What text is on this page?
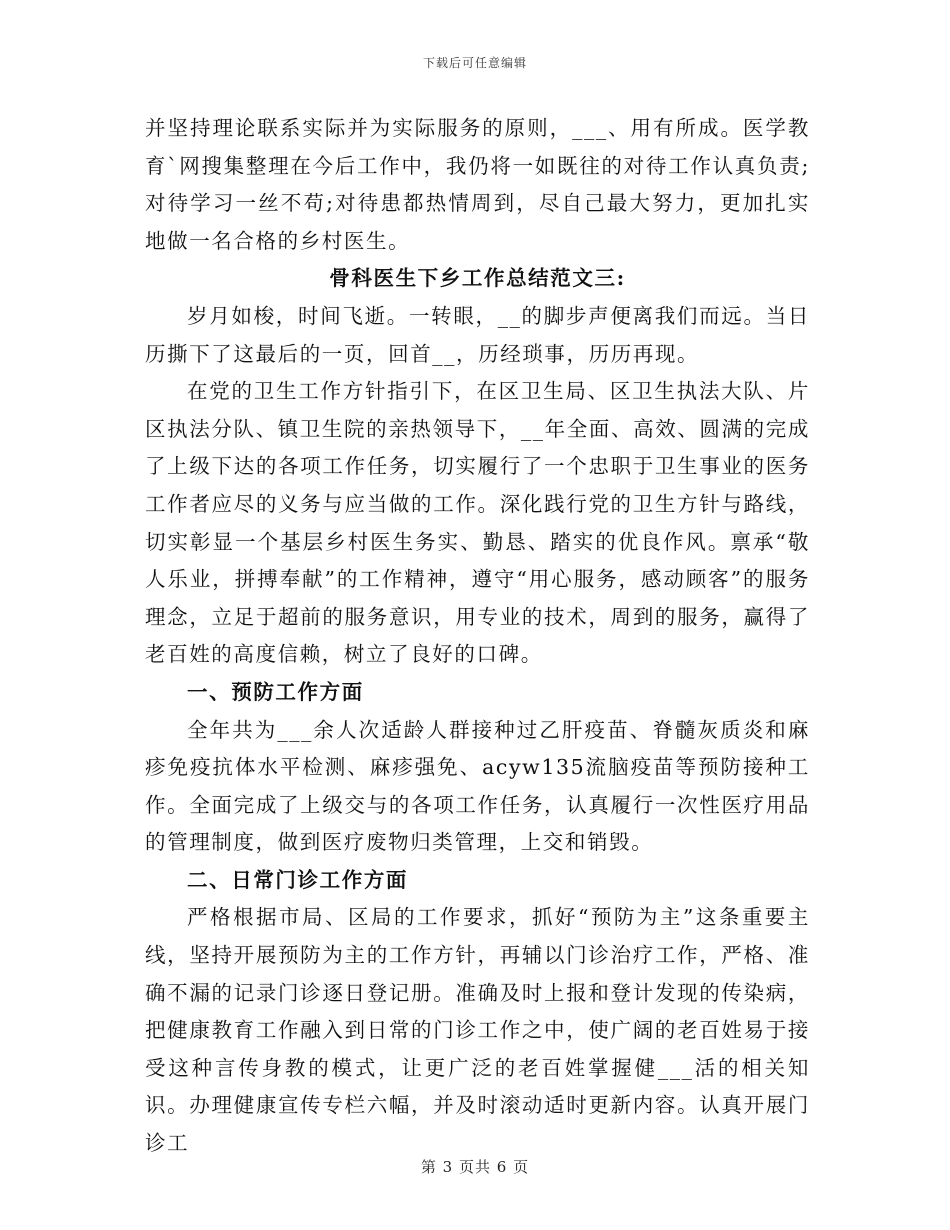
下载后可任意编辑

并坚持理论联系实际并为实际服务的原则，___、用有所成。医学教育`网搜集整理在今后工作中，我仍将一如既往的对待工作认真负责;对待学习一丝不苟;对待患都热情周到，尽自己最大努力，更加扎实地做一名合格的乡村医生。

骨科医生下乡工作总结范文三:

岁月如梭，时间飞逝。一转眼，__的脚步声便离我们而远。当日历撕下了这最后的一页，回首__，历经琐事，历历再现。

在党的卫生工作方针指引下，在区卫生局、区卫生执法大队、片区执法分队、镇卫生院的亲热领导下，__年全面、高效、圆满的完成了上级下达的各项工作任务，切实履行了一个忠职于卫生事业的医务工作者应尽的义务与应当做的工作。深化践行党的卫生方针与路线，切实彰显一个基层乡村医生务实、勤恳、踏实的优良作风。禀承“敬人乐业，拼搏奉献”的工作精神，遵守“用心服务，感动顾客”的服务理念，立足于超前的服务意识，用专业的技术，周到的服务，赢得了老百姓的高度信赖，树立了良好的口碑。

一、预防工作方面

全年共为___余人次适龄人群接种过乙肝疫苗、脊髓灰质炎和麻疹免疫抗体水平检测、麻疹强免、acyw135流脑疫苗等预防接种工作。全面完成了上级交与的各项工作任务，认真履行一次性医疗用品的管理制度，做到医疗废物归类管理，上交和销毁。

二、日常门诊工作方面

严格根据市局、区局的工作要求，抓好“预防为主”这条重要主线，坚持开展预防为主的工作方针，再辅以门诊治疗工作，严格、准确不漏的记录门诊逐日登记册。准确及时上报和登计发现的传染病，把健康教育工作融入到日常的门诊工作之中，使广阔的老百姓易于接受这种言传身教的模式，让更广泛的老百姓掌握健___活的相关知识。办理健康宣传专栏六幅，并及时滚动适时更新内容。认真开展门诊工

第 3 页共 6 页
